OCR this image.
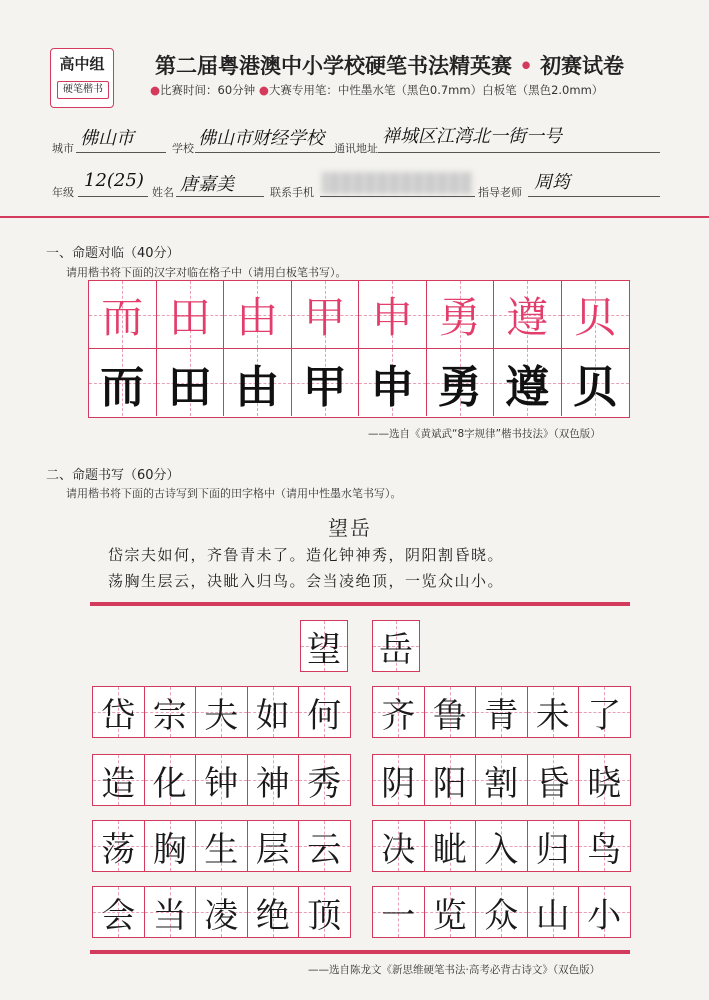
高中组
硬笔楷书
第二届粤港澳中小学校硬笔书法精英赛 • 初赛试卷
●比赛时间：60分钟 ●大赛专用笔：中性墨水笔（黑色0.7mm）白板笔（黑色2.0mm）
城市 佛山市	学校 佛山市财经学校 通讯地址
禅城区江湾北一街一号
年级
12(25)
姓名 唐嘉美	联系手机	指导老师 周筠
一、命题对临（40分）
请用楷书将下面的汉字对临在格子中（请用白板笔书写）。
而 田 由 甲 申 勇 遵 贝
而 田 由 甲 申 勇 遵 贝
——选自《黄斌武“8字规律”楷书技法》（双色版）
二、命题书写（60分）
请用楷书将下面的古诗写到下面的田字格中（请用中性墨水笔书写）。
望岳
岱宗夫如何，齐鲁青未了。造化钟神秀，阴阳割昏晓。
荡胸生层云，决眦入归鸟。会当凌绝顶，一览众山小。
望 岳
岱 宗 夫 如 何 齐 鲁 青 未 了
造 化 钟 神 秀 阴 阳 割 昏 晓
荡 胸 生 层 云 决 眦 入 归 鸟
会 当 凌 绝 顶 一 览 众 山 小
——选自陈龙文《新思维硬笔书法·高考必背古诗文》（双色版）
